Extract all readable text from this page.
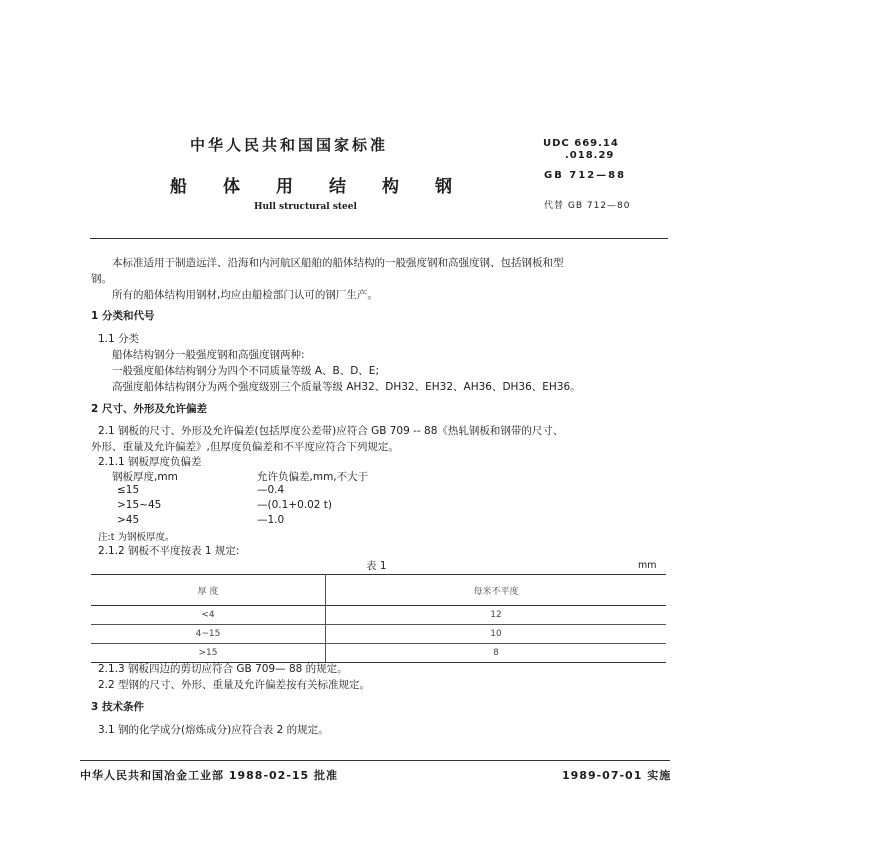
中华人民共和国国家标准
船体用结构钢
Hull structural steel
UDC 669.14
.018.29
GB 712—88
代替 GB 712—80
本标准适用于制造远洋、沿海和内河航区船舶的船体结构的一般强度钢和高强度钢、包括钢板和型
钢。
所有的船体结构用钢材,均应由船检部门认可的钢厂生产。
1 分类和代号
1.1 分类
船体结构钢分一般强度钢和高强度钢两种:
一般强度船体结构钢分为四个不同质量等级 A、B、D、E;
高强度船体结构钢分为两个强度级别三个质量等级 AH32、DH32、EH32、AH36、DH36、EH36。
2 尺寸、外形及允许偏差
2.1 钢板的尺寸、外形及允许偏差(包括厚度公差带)应符合 GB 709 -- 88《热轧钢板和钢带的尺寸、
外形、重量及允许偏差》,但厚度负偏差和不平度应符合下列规定。
2.1.1 钢板厚度负偏差
钢板厚度,mm	允许负偏差,mm,不大于
≤15	—0.4
>15~45	—(0.1+0.02 t)
>45	—1.0
注:t 为钢板厚度。
2.1.2 钢板不平度按表 1 规定:
表 1	mm
厚 度	每米不平度
<4	12
4~15	10
>15	8
2.1.3 钢板四边的剪切应符合 GB 709— 88 的规定。
2.2 型钢的尺寸、外形、重量及允许偏差按有关标准规定。
3 技术条件
3.1 钢的化学成分(熔炼成分)应符合表 2 的规定。
中华人民共和国冶金工业部 1988-02-15 批准	1989-07-01 实施
